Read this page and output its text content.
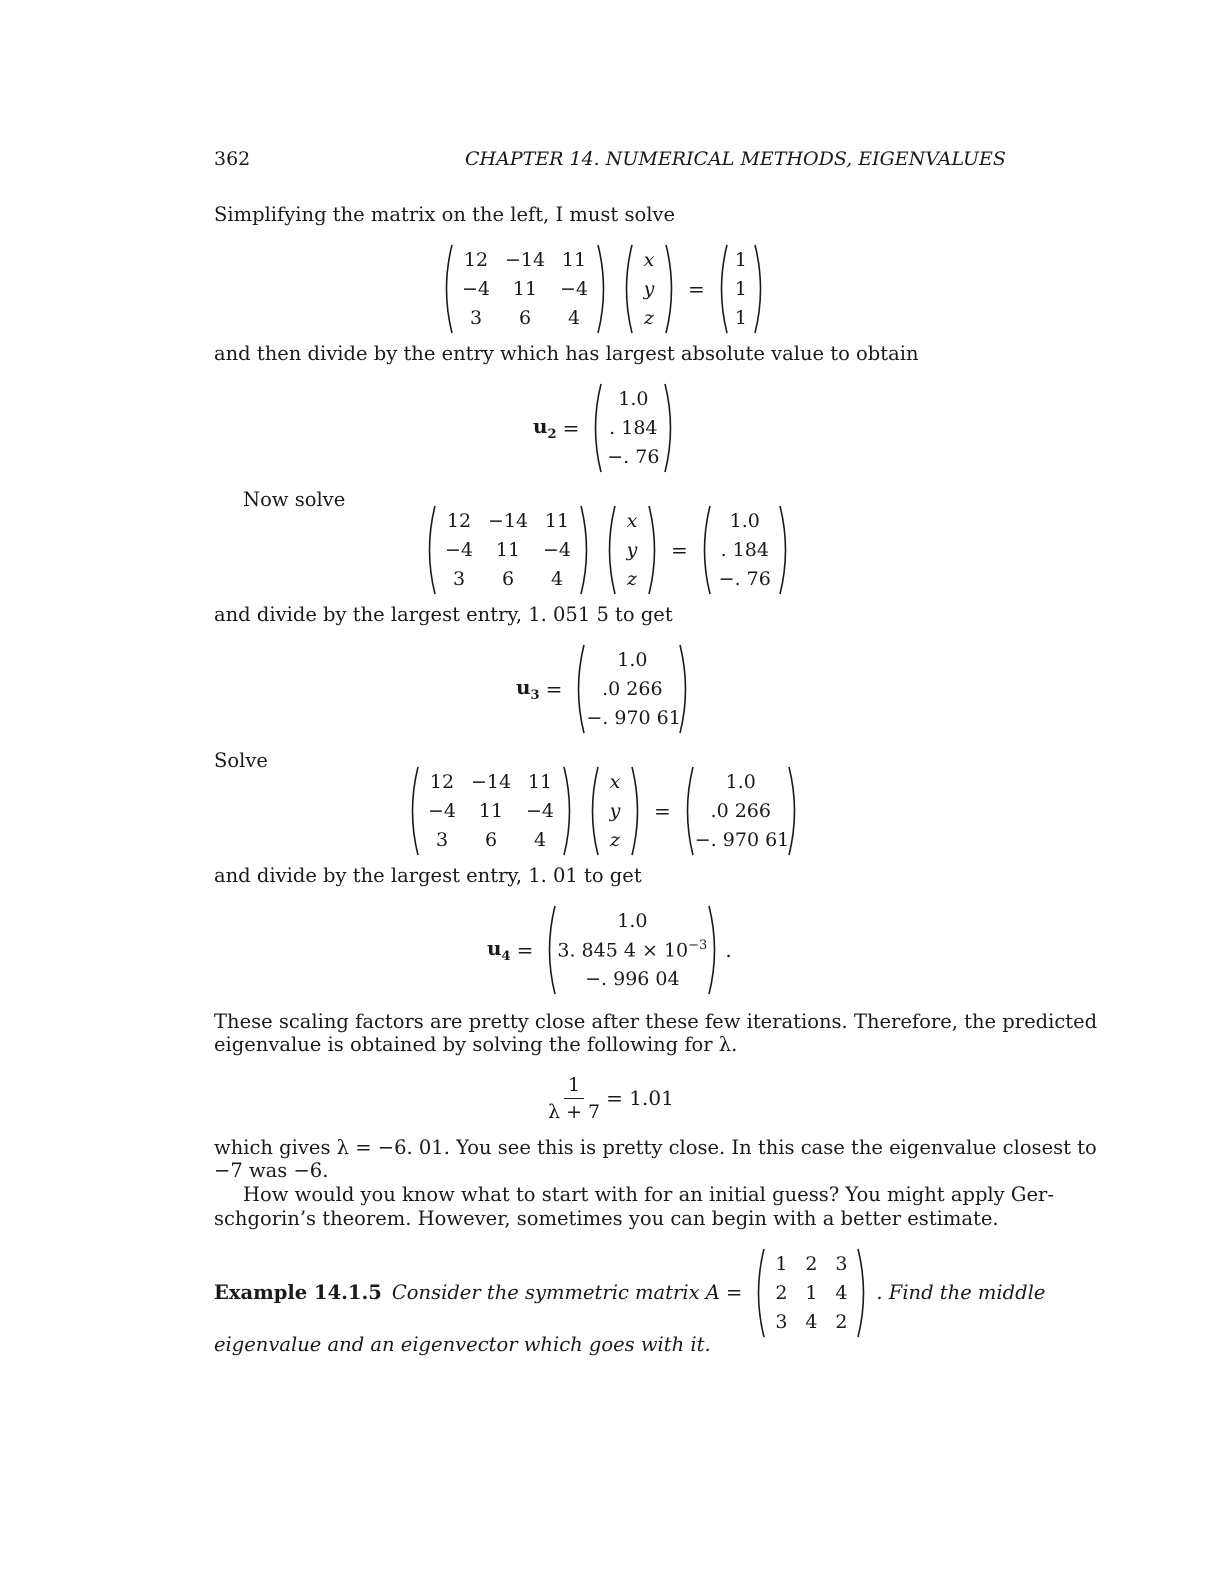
362	CHAPTER 14. NUMERICAL METHODS, EIGENVALUES
Simplifying the matrix on the left, I must solve
12 −14 11
−4	11	−4
3	6	4
x
y
z
=
1
1
1
and then divide by the entry which has largest absolute value to obtain
$u_2$ =
1.0
. 184
−. 76
Now solve
12 −14 11
−4	11	−4
3	6	4
x
y
z
=
1.0
. 184
−. 76
and divide by the largest entry, 1. 051 5 to get
$u_3$ =
1.0
.0 266
−. 970 61
Solve
12 −14 11
−4	11	−4
3	6	4
x
y
z
=
1.0
.0 266
−. 970 61
and divide by the largest entry, 1. 01 to get
$u_4$ =
1.0
3. 845 $4 \times 10^{-3}$
−. 996 04
.
These scaling factors are pretty close after these few iterations. Therefore, the predicted
eigenvalue is obtained by solving the following for λ.
$\frac{1}{\lambda + 7} = 1.01$
which gives λ = −6. 01. You see this is pretty close. In this case the eigenvalue closest to
−7 was −6.
How would you know what to start with for an initial guess? You might apply Ger-
schgorin’s theorem. However, sometimes you can begin with a better estimate.
Example 14.1.5 Consider the symmetric matrix A =
1 2 3
2 1 4
3 4 2
. Find the middle
eigenvalue and an eigenvector which goes with it.
